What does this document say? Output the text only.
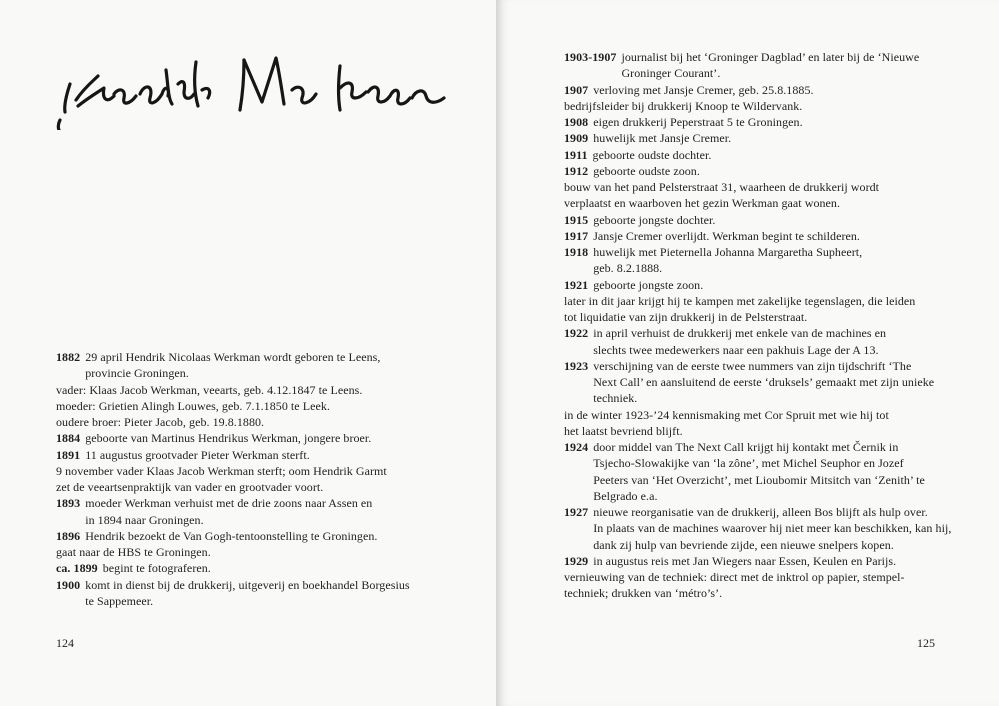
1882 29 april Hendrik Nicolaas Werkman wordt geboren te Leens,
provincie Groningen.
vader: Klaas Jacob Werkman, veearts, geb. 4.12.1847 te Leens.
moeder: Grietien Alingh Louwes, geb. 7.1.1850 te Leek.
oudere broer: Pieter Jacob, geb. 19.8.1880.
1884 geboorte van Martinus Hendrikus Werkman, jongere broer.
1891 11 augustus grootvader Pieter Werkman sterft.
9 november vader Klaas Jacob Werkman sterft; oom Hendrik Garmt
zet de veeartsenpraktijk van vader en grootvader voort.
1893 moeder Werkman verhuist met de drie zoons naar Assen en
in 1894 naar Groningen.
1896 Hendrik bezoekt de Van Gogh-tentoonstelling te Groningen.
gaat naar de HBS te Groningen.
ca. 1899 begint te fotograferen.
1900 komt in dienst bij de drukkerij, uitgeverij en boekhandel Borgesius
te Sappemeer.
124
1903-1907 journalist bij het ‘Groninger Dagblad’ en later bij de ‘Nieuwe
Groninger Courant’.
1907 verloving met Jansje Cremer, geb. 25.8.1885.
bedrijfsleider bij drukkerij Knoop te Wildervank.
1908 eigen drukkerij Peperstraat 5 te Groningen.
1909 huwelijk met Jansje Cremer.
1911 geboorte oudste dochter.
1912 geboorte oudste zoon.
bouw van het pand Pelsterstraat 31, waarheen de drukkerij wordt
verplaatst en waarboven het gezin Werkman gaat wonen.
1915 geboorte jongste dochter.
1917 Jansje Cremer overlijdt. Werkman begint te schilderen.
1918 huwelijk met Pieternella Johanna Margaretha Supheert,
geb. 8.2.1888.
1921 geboorte jongste zoon.
later in dit jaar krijgt hij te kampen met zakelijke tegenslagen, die leiden
tot liquidatie van zijn drukkerij in de Pelsterstraat.
1922 in april verhuist de drukkerij met enkele van de machines en
slechts twee medewerkers naar een pakhuis Lage der A 13.
1923 verschijning van de eerste twee nummers van zijn tijdschrift ‘The
Next Call’ en aansluitend de eerste ‘druksels’ gemaakt met zijn unieke
techniek.
in de winter 1923-’24 kennismaking met Cor Spruit met wie hij tot
het laatst bevriend blijft.
1924 door middel van The Next Call krijgt hij kontakt met Černik in
Tsjecho-Slowakijke van ‘la zône’, met Michel Seuphor en Jozef
Peeters van ‘Het Overzicht’, met Lioubomir Mitsitch van ‘Zenith’ te
Belgrado e.a.
1927 nieuwe reorganisatie van de drukkerij, alleen Bos blijft als hulp over.
In plaats van de machines waarover hij niet meer kan beschikken, kan hij,
dank zij hulp van bevriende zijde, een nieuwe snelpers kopen.
1929 in augustus reis met Jan Wiegers naar Essen, Keulen en Parijs.
vernieuwing van de techniek: direct met de inktrol op papier, stempel-
techniek; drukken van ‘métro’s’.
125
